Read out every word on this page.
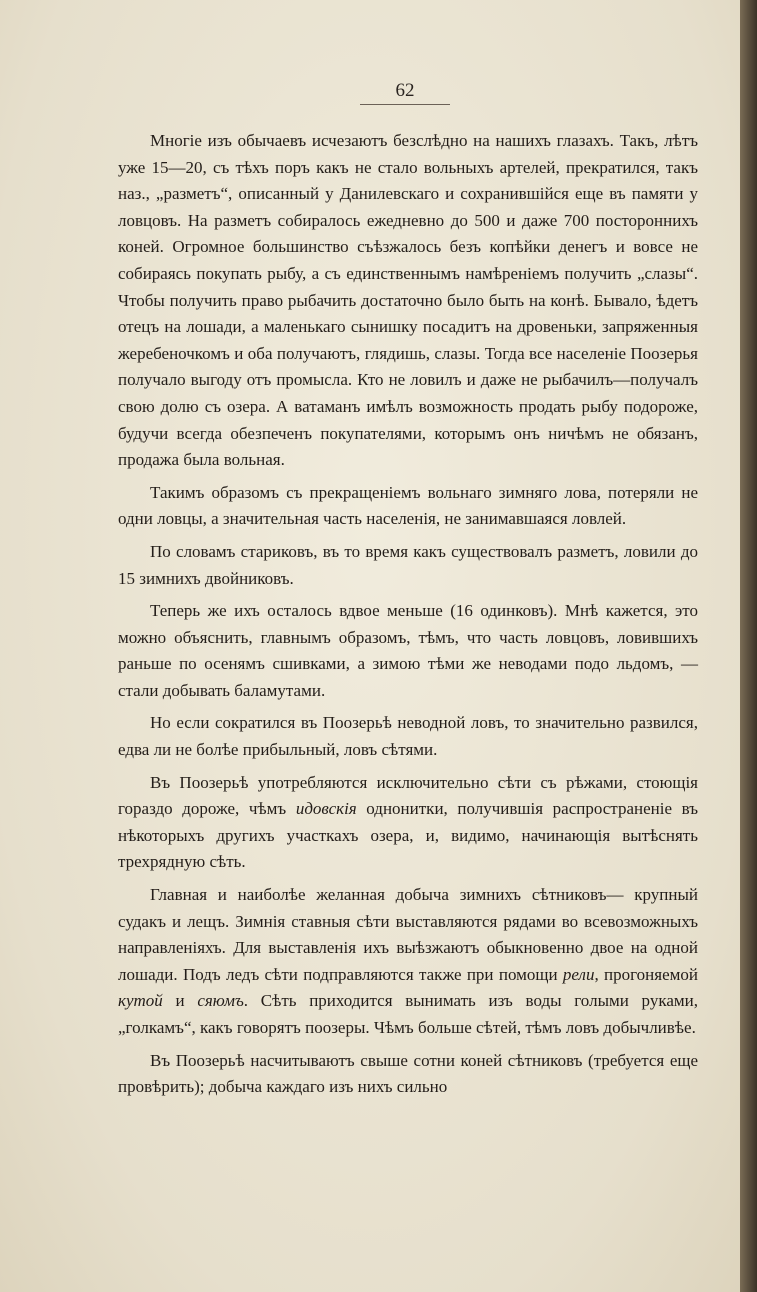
62

Многіе изъ обычаевъ исчезаютъ безслѣдно на нашихъ глазахъ. Такъ, лѣтъ уже 15—20, съ тѣхъ поръ какъ не стало вольныхъ артелей, прекратился, такъ наз., „разметъ“, описанный у Данилевскаго и сохранившійся еще въ памяти у ловцовъ. На разметъ собиралось ежедневно до 500 и даже 700 постороннихъ коней. Огромное большинство съѣзжалось безъ копѣйки денегъ и вовсе не собираясь покупать рыбу, а съ единственнымъ намѣреніемъ получить „слазы“. Чтобы получить право рыбачить достаточно было быть на конѣ. Бывало, ѣдетъ отецъ на лошади, а маленькаго сынишку посадитъ на дровеньки, запряженныя жеребеночкомъ и оба получаютъ, глядишь, слазы. Тогда все населеніе Поозерья получало выгоду отъ промысла. Кто не ловилъ и даже не рыбачилъ—получалъ свою долю съ озера. А ватаманъ имѣлъ возможность продать рыбу подороже, будучи всегда обезпеченъ покупателями, которымъ онъ ничѣмъ не обязанъ, продажа была вольная.

Такимъ образомъ съ прекращеніемъ вольнаго зимняго лова, потеряли не одни ловцы, а значительная часть населенія, не занимавшаяся ловлей.

По словамъ стариковъ, въ то время какъ существовалъ разметъ, ловили до 15 зимнихъ двойниковъ.

Теперь же ихъ осталось вдвое меньше (16 одинковъ). Мнѣ кажется, это можно объяснить, главнымъ образомъ, тѣмъ, что часть ловцовъ, ловившихъ раньше по осенямъ сшивками, а зимою тѣми же неводами подо льдомъ, — стали добывать баламутами.

Но если сократился въ Поозерьѣ неводной ловъ, то значительно развился, едва ли не болѣе прибыльный, ловъ сѣтями.

Въ Поозерьѣ употребляются исключительно сѣти съ рѣжами, стоющія гораздо дороже, чѣмъ идовскія однонитки, получившія распространеніе въ нѣкоторыхъ другихъ участкахъ озера, и, видимо, начинающія вытѣснять трехрядную сѣть.

Главная и наиболѣе желанная добыча зимнихъ сѣтниковъ— крупный судакъ и лещъ. Зимнія ставныя сѣти выставляются рядами во всевозможныхъ направленіяхъ. Для выставленія ихъ выѣзжаютъ обыкновенно двое на одной лошади. Подъ ледъ сѣти подправляются также при помощи рели, прогоняемой кутой и сяюмъ. Сѣть приходится вынимать изъ воды голыми руками, „голкамъ“, какъ говорятъ поозеры. Чѣмъ больше сѣтей, тѣмъ ловъ добычливѣе.

Въ Поозерьѣ насчитываютъ свыше сотни коней сѣтниковъ (требуется еще провѣрить); добыча каждаго изъ нихъ сильно
